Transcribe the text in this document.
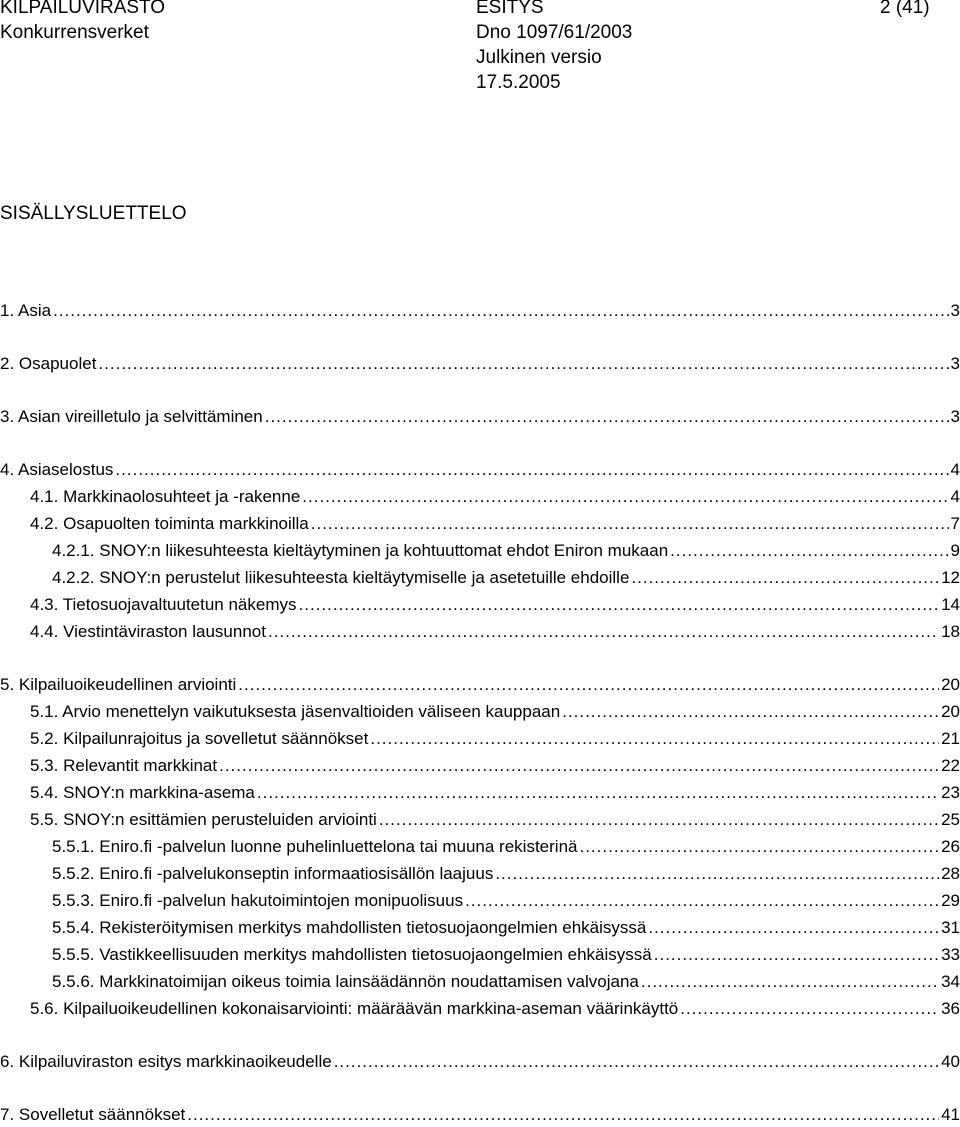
KILPAILUVIRASTO
Konkurrensverket
ESITYS
Dno 1097/61/2003
Julkinen versio
17.5.2005
2 (41)
SISÄLLYSLUETTELO
1. Asia .....	3
2. Osapuolet .....	3
3. Asian vireilletulo ja selvittäminen .....	3
4. Asiaselostus .....	4
4.1. Markkinaolosuhteet ja -rakenne .....	4
4.2. Osapuolten toiminta markkinoilla .....	7
4.2.1. SNOY:n liikesuhteesta kieltäytyminen ja kohtuuttomat ehdot Eniron mukaan .....	9
4.2.2. SNOY:n perustelut liikesuhteesta kieltäytymiselle ja asetetuille ehdoille .....	12
4.3. Tietosuojavaltuutetun näkemys .....	14
4.4. Viestintäviraston lausunnot .....	18
5. Kilpailuoikeudellinen arviointi .....	20
5.1. Arvio menettelyn vaikutuksesta jäsenvaltioiden väliseen kauppaan .....	20
5.2. Kilpailunrajoitus ja sovelletut säännökset .....	21
5.3. Relevantit markkinat .....	22
5.4. SNOY:n markkina-asema .....	23
5.5. SNOY:n esittämien perusteluiden arviointi .....	25
5.5.1. Eniro.fi -palvelun luonne puhelinluettelona tai muuna rekisterinä .....	26
5.5.2. Eniro.fi -palvelukonseptin informaatiosisällön laajuus .....	28
5.5.3. Eniro.fi -palvelun hakutoimintojen monipuolisuus .....	29
5.5.4. Rekisteröitymisen merkitys mahdollisten tietosuojaongelmien ehkäisyssä .....	31
5.5.5. Vastikkeellisuuden merkitys mahdollisten tietosuojaongelmien ehkäisyssä .....	33
5.5.6. Markkinatoimijan oikeus toimia lainsäädännön noudattamisen valvojana .....	34
5.6. Kilpailuoikeudellinen kokonaisarviointi: määräävän markkina-aseman väärinkäyttö .....	36
6. Kilpailuviraston esitys markkinaoikeudelle .....	40
7. Sovelletut säännökset .....	41
